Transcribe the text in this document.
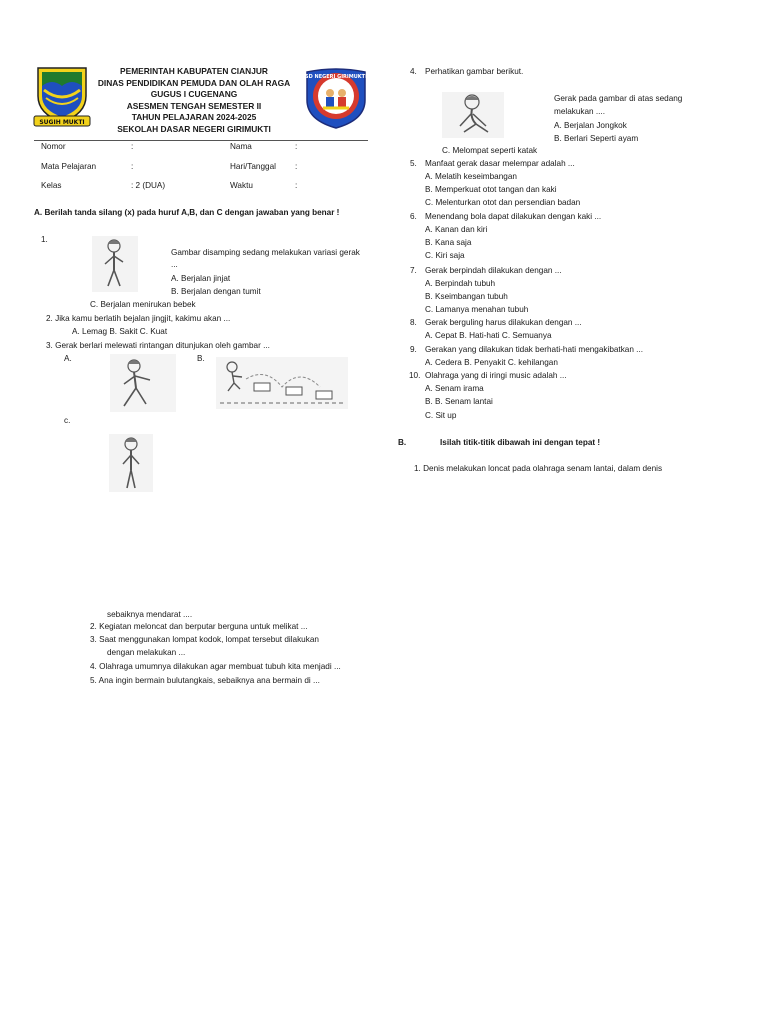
SUGIH MUKTI
PEMERINTAH KABUPATEN CIANJUR
DINAS PENDIDIKAN PEMUDA DAN OLAH RAGA
GUGUS I CUGENANG
ASESMEN TENGAH SEMESTER II
TAHUN PELAJARAN 2024-2025
SEKOLAH DASAR NEGERI GIRIMUKTI
SD NEGERI GIRIMUKTI
Nomor	:	Nama	:
Mata Pelajaran	:	Hari/Tanggal :
Kelas	: 2 (DUA)	Waktu	:
A. Berilah tanda silang (x) pada huruf A,B, dan C dengan jawaban yang benar !
1.
Gambar disamping sedang melakukan variasi gerak
...
A. Berjalan jinjat
B. Berjalan dengan tumit
C. Berjalan menirukan bebek
2. Jika kamu berlatih bejalan jingjit, kakimu akan ...
A. Lemag B. Sakit C. Kuat
3. Gerak berlari melewati rintangan ditunjukan oleh gambar ...
A.	B.
c.
4. Perhatikan gambar berikut.
Gerak pada gambar di atas sedang
melakukan ....
A. Berjalan Jongkok
B. Berlari Seperti ayam
C. Melompat seperti katak
5. Manfaat gerak dasar melempar adalah ...
A. Melatih keseimbangan
B. Memperkuat otot tangan dan kaki
C. Melenturkan otot dan persendian badan
6. Menendang bola dapat dilakukan dengan kaki ...
A. Kanan dan kiri
B. Kana saja
C. Kiri saja
7. Gerak berpindah dilakukan dengan ...
A. Berpindah tubuh
B. Kseimbangan tubuh
C. Lamanya menahan tubuh
8. Gerak berguling harus dilakukan dengan ...
A. Cepat B. Hati-hati C. Semuanya
9. Gerakan yang dilakukan tidak berhati-hati mengakibatkan ...
A. Cedera B. Penyakit C. kehilangan
10. Olahraga yang di iringi music adalah ...
A. Senam irama
B. B. Senam lantai
C. Sit up
B.	Isilah titik-titik dibawah ini dengan tepat !
1. Denis melakukan loncat pada olahraga senam lantai, dalam denis
sebaiknya mendarat ....
2. Kegiatan meloncat dan berputar berguna untuk melikat ...
3. Saat menggunakan lompat kodok, lompat tersebut dilakukan
dengan melakukan ...
4. Olahraga umumnya dilakukan agar membuat tubuh kita menjadi ...
5. Ana ingin bermain bulutangkais, sebaiknya ana bermain di ...
